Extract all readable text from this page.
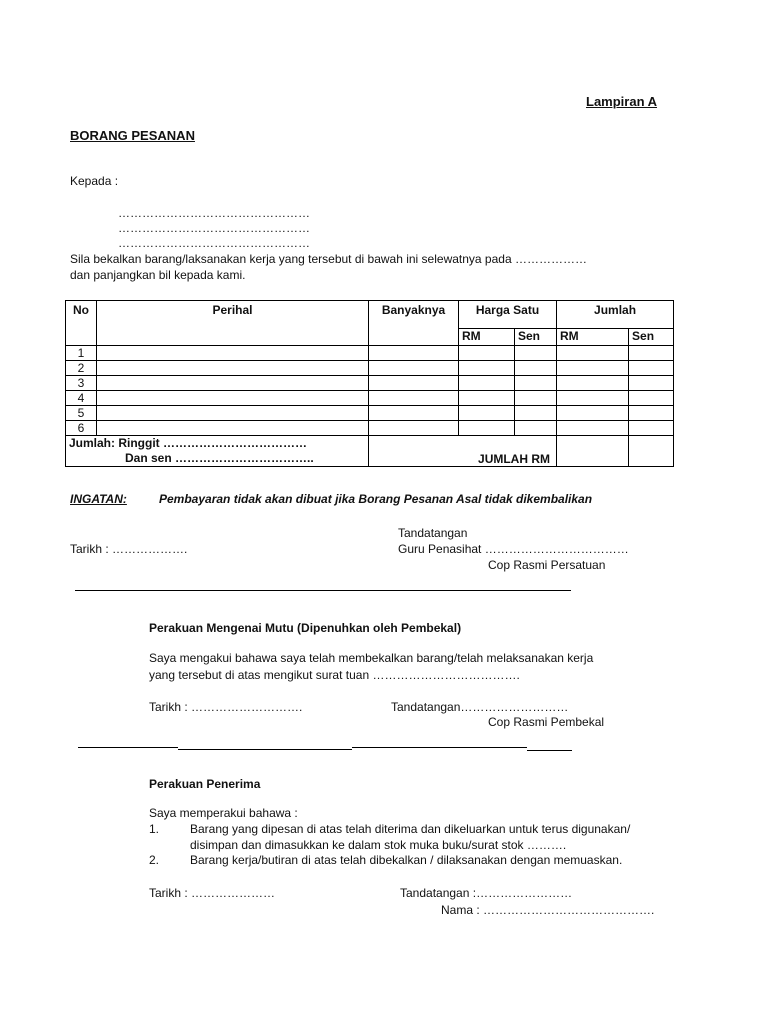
Lampiran A
BORANG PESANAN
Kepada :
…………………………………………
…………………………………………
…………………………………………
Sila bekalkan barang/laksanakan kerja yang tersebut di bawah ini selewatnya pada ………………
dan panjangkan bil kepada kami.
No	Perihal	Banyaknya	Harga Satu		Jumlah	
			RM	Sen	RM	Sen
1						
2						
3						
4						
5						
6						

Jumlah: Ringgit ………………………………
Dan sen ……………………………..		JUMLAH RM				
INGATAN:	Pembayaran tidak akan dibuat jika Borang Pesanan Asal tidak dikembalikan
Tandatangan
Tarikh : ……………….	Guru Penasihat ………………………………
Cop Rasmi Persatuan
Perakuan Mengenai Mutu (Dipenuhkan oleh Pembekal)
Saya mengakui bahawa saya telah membekalkan barang/telah melaksanakan kerja
yang tersebut di atas mengikut surat tuan ……………………………….
Tarikh : ……………………….	Tandatangan………………………
Cop Rasmi Pembekal
Perakuan Penerima
Saya memperakui bahawa :
1.	Barang yang dipesan di atas telah diterima dan dikeluarkan untuk terus digunakan/
disimpan dan dimasukkan ke dalam stok muka buku/surat stok ……….
2.	Barang kerja/butiran di atas telah dibekalkan / dilaksanakan dengan memuaskan.
Tarikh : …………………	Tandatangan :……………………
Nama : …………………………………….
